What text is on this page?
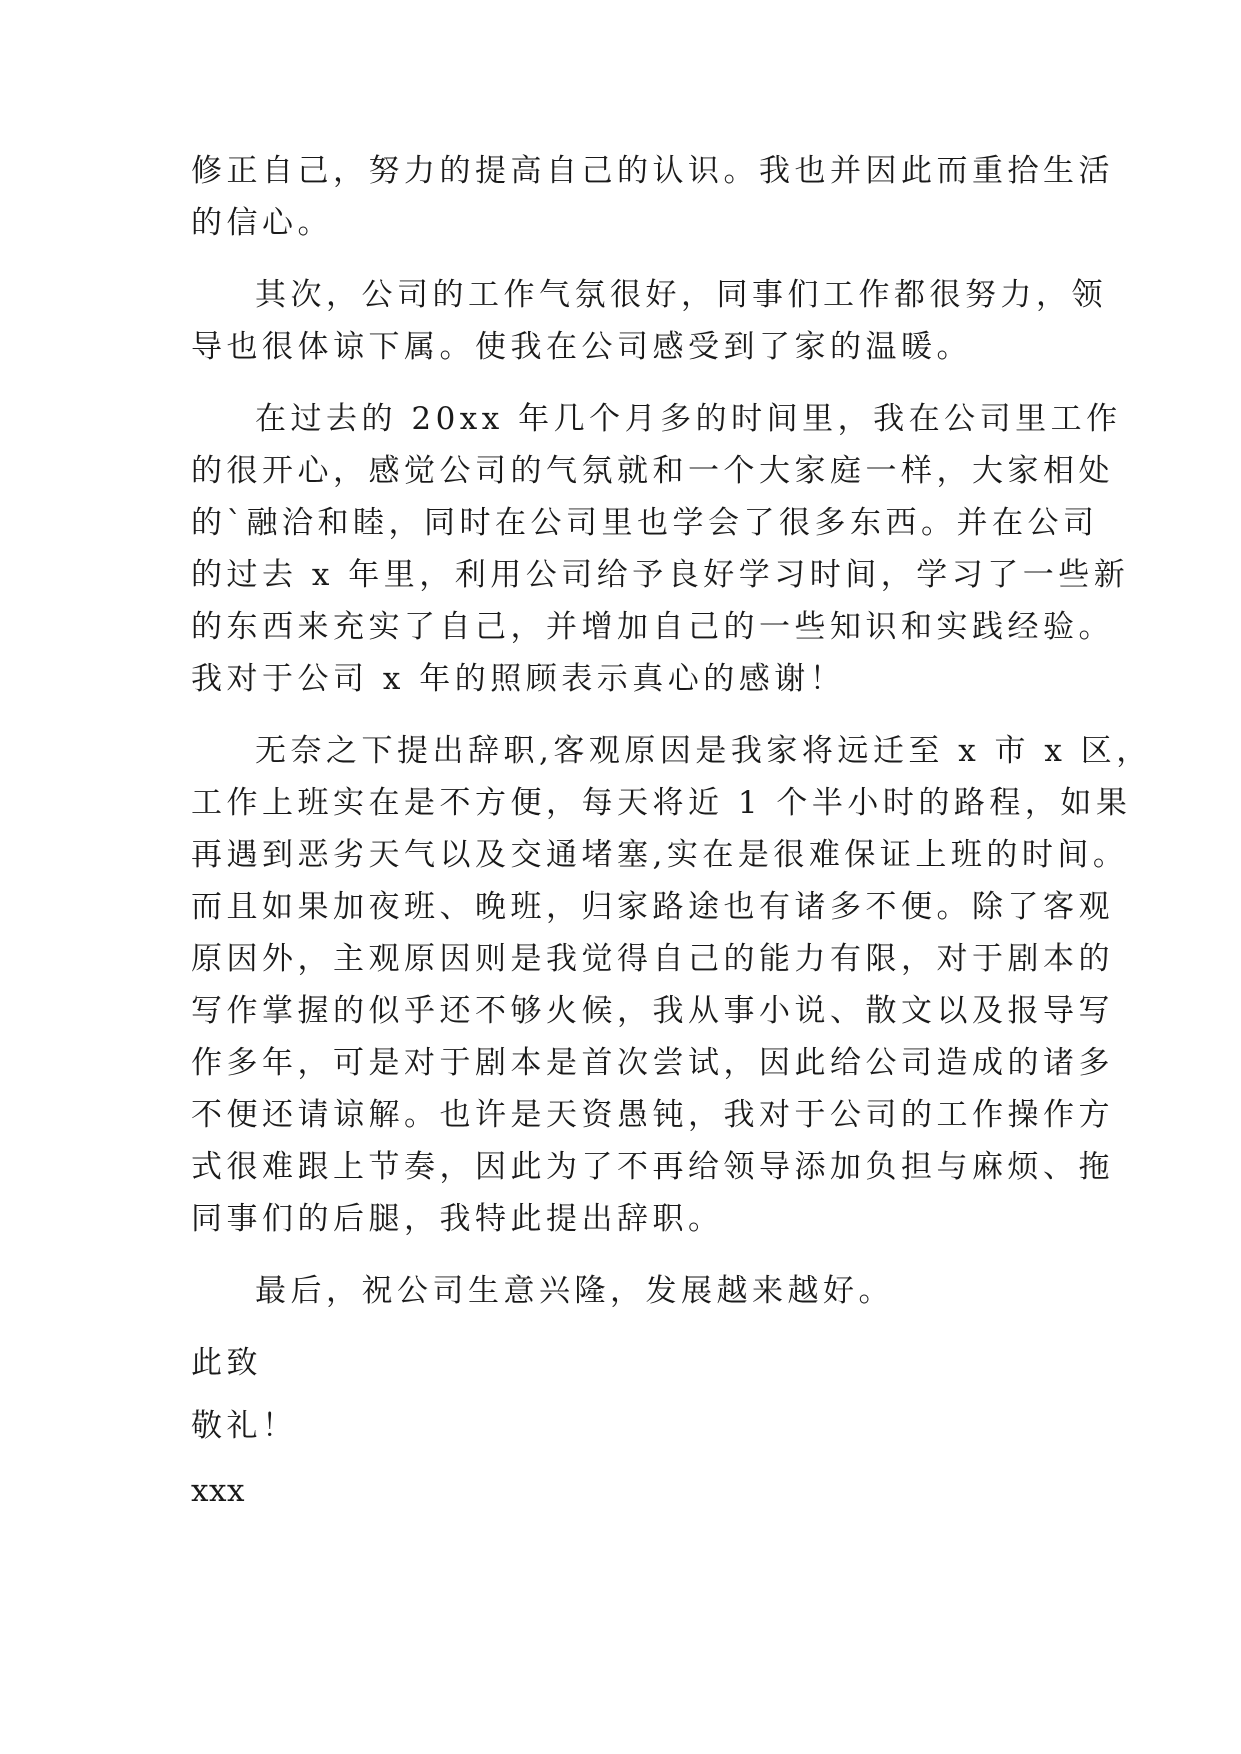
修正自己，努力的提高自己的认识。我也并因此而重拾生活

的信心。

其次，公司的工作气氛很好，同事们工作都很努力，领

导也很体谅下属。使我在公司感受到了家的温暖。

在过去的 20xx 年几个月多的时间里，我在公司里工作

的很开心，感觉公司的气氛就和一个大家庭一样，大家相处

的`融洽和睦，同时在公司里也学会了很多东西。并在公司

的过去 x 年里，利用公司给予良好学习时间，学习了一些新

的东西来充实了自己，并增加自己的一些知识和实践经验。

我对于公司 x 年的照顾表示真心的感谢！

无奈之下提出辞职,客观原因是我家将远迁至 x 市 x 区，

工作上班实在是不方便，每天将近 1 个半小时的路程，如果

再遇到恶劣天气以及交通堵塞,实在是很难保证上班的时间。

而且如果加夜班、晚班，归家路途也有诸多不便。除了客观

原因外，主观原因则是我觉得自己的能力有限，对于剧本的

写作掌握的似乎还不够火候，我从事小说、散文以及报导写

作多年，可是对于剧本是首次尝试，因此给公司造成的诸多

不便还请谅解。也许是天资愚钝，我对于公司的工作操作方

式很难跟上节奏，因此为了不再给领导添加负担与麻烦、拖

同事们的后腿，我特此提出辞职。

最后，祝公司生意兴隆，发展越来越好。

此致

敬礼！

xxx
